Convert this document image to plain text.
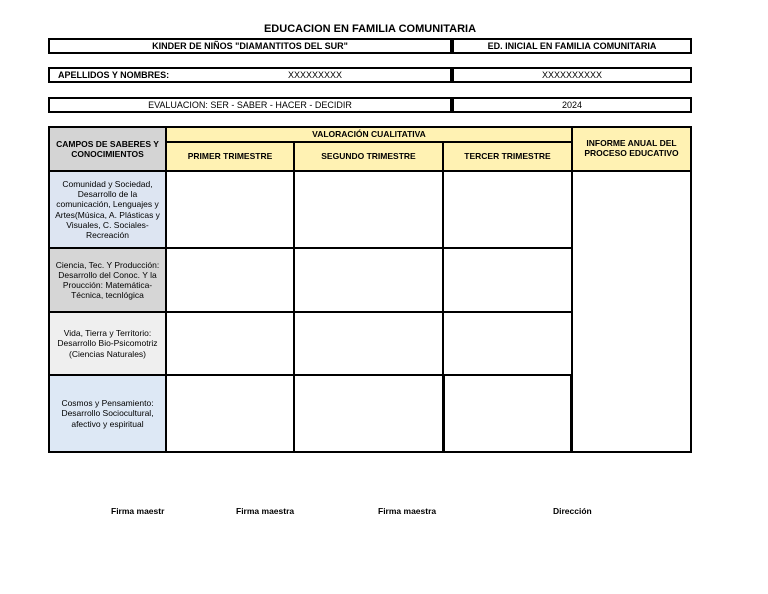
EDUCACION EN FAMILIA COMUNITARIA
KINDER DE NIÑOS "DIAMANTITOS DEL SUR"	ED. INICIAL EN FAMILIA COMUNITARIA
APELLIDOS Y NOMBRES:	XXXXXXXXX	XXXXXXXXXX
EVALUACION: SER - SABER - HACER - DECIDIR	2024
CAMPOS DE SABERES Y CONOCIMIENTOS
VALORACIÓN CUALITATIVA
PRIMER TRIMESTRE	SEGUNDO TRIMESTRE	TERCER TRIMESTRE
INFORME ANUAL DEL PROCESO EDUCATIVO
Comunidad y Sociedad, Desarrollo de la comunicación, Lenguajes y Artes(Música, A. Plásticas y Visuales, C. Sociales-Recreación
Ciencia, Tec. Y Producción: Desarrollo del Conoc. Y la Proucción: Matemática-Técnica, tecnlógica
Vida, Tierra y Territorio: Desarrollo Bio-Psicomotriz (Ciencias Naturales)
Cosmos y Pensamiento: Desarrollo Sociocultural, afectivo y espiritual
Firma maestr	Firma maestra	Firma maestra	Dirección
